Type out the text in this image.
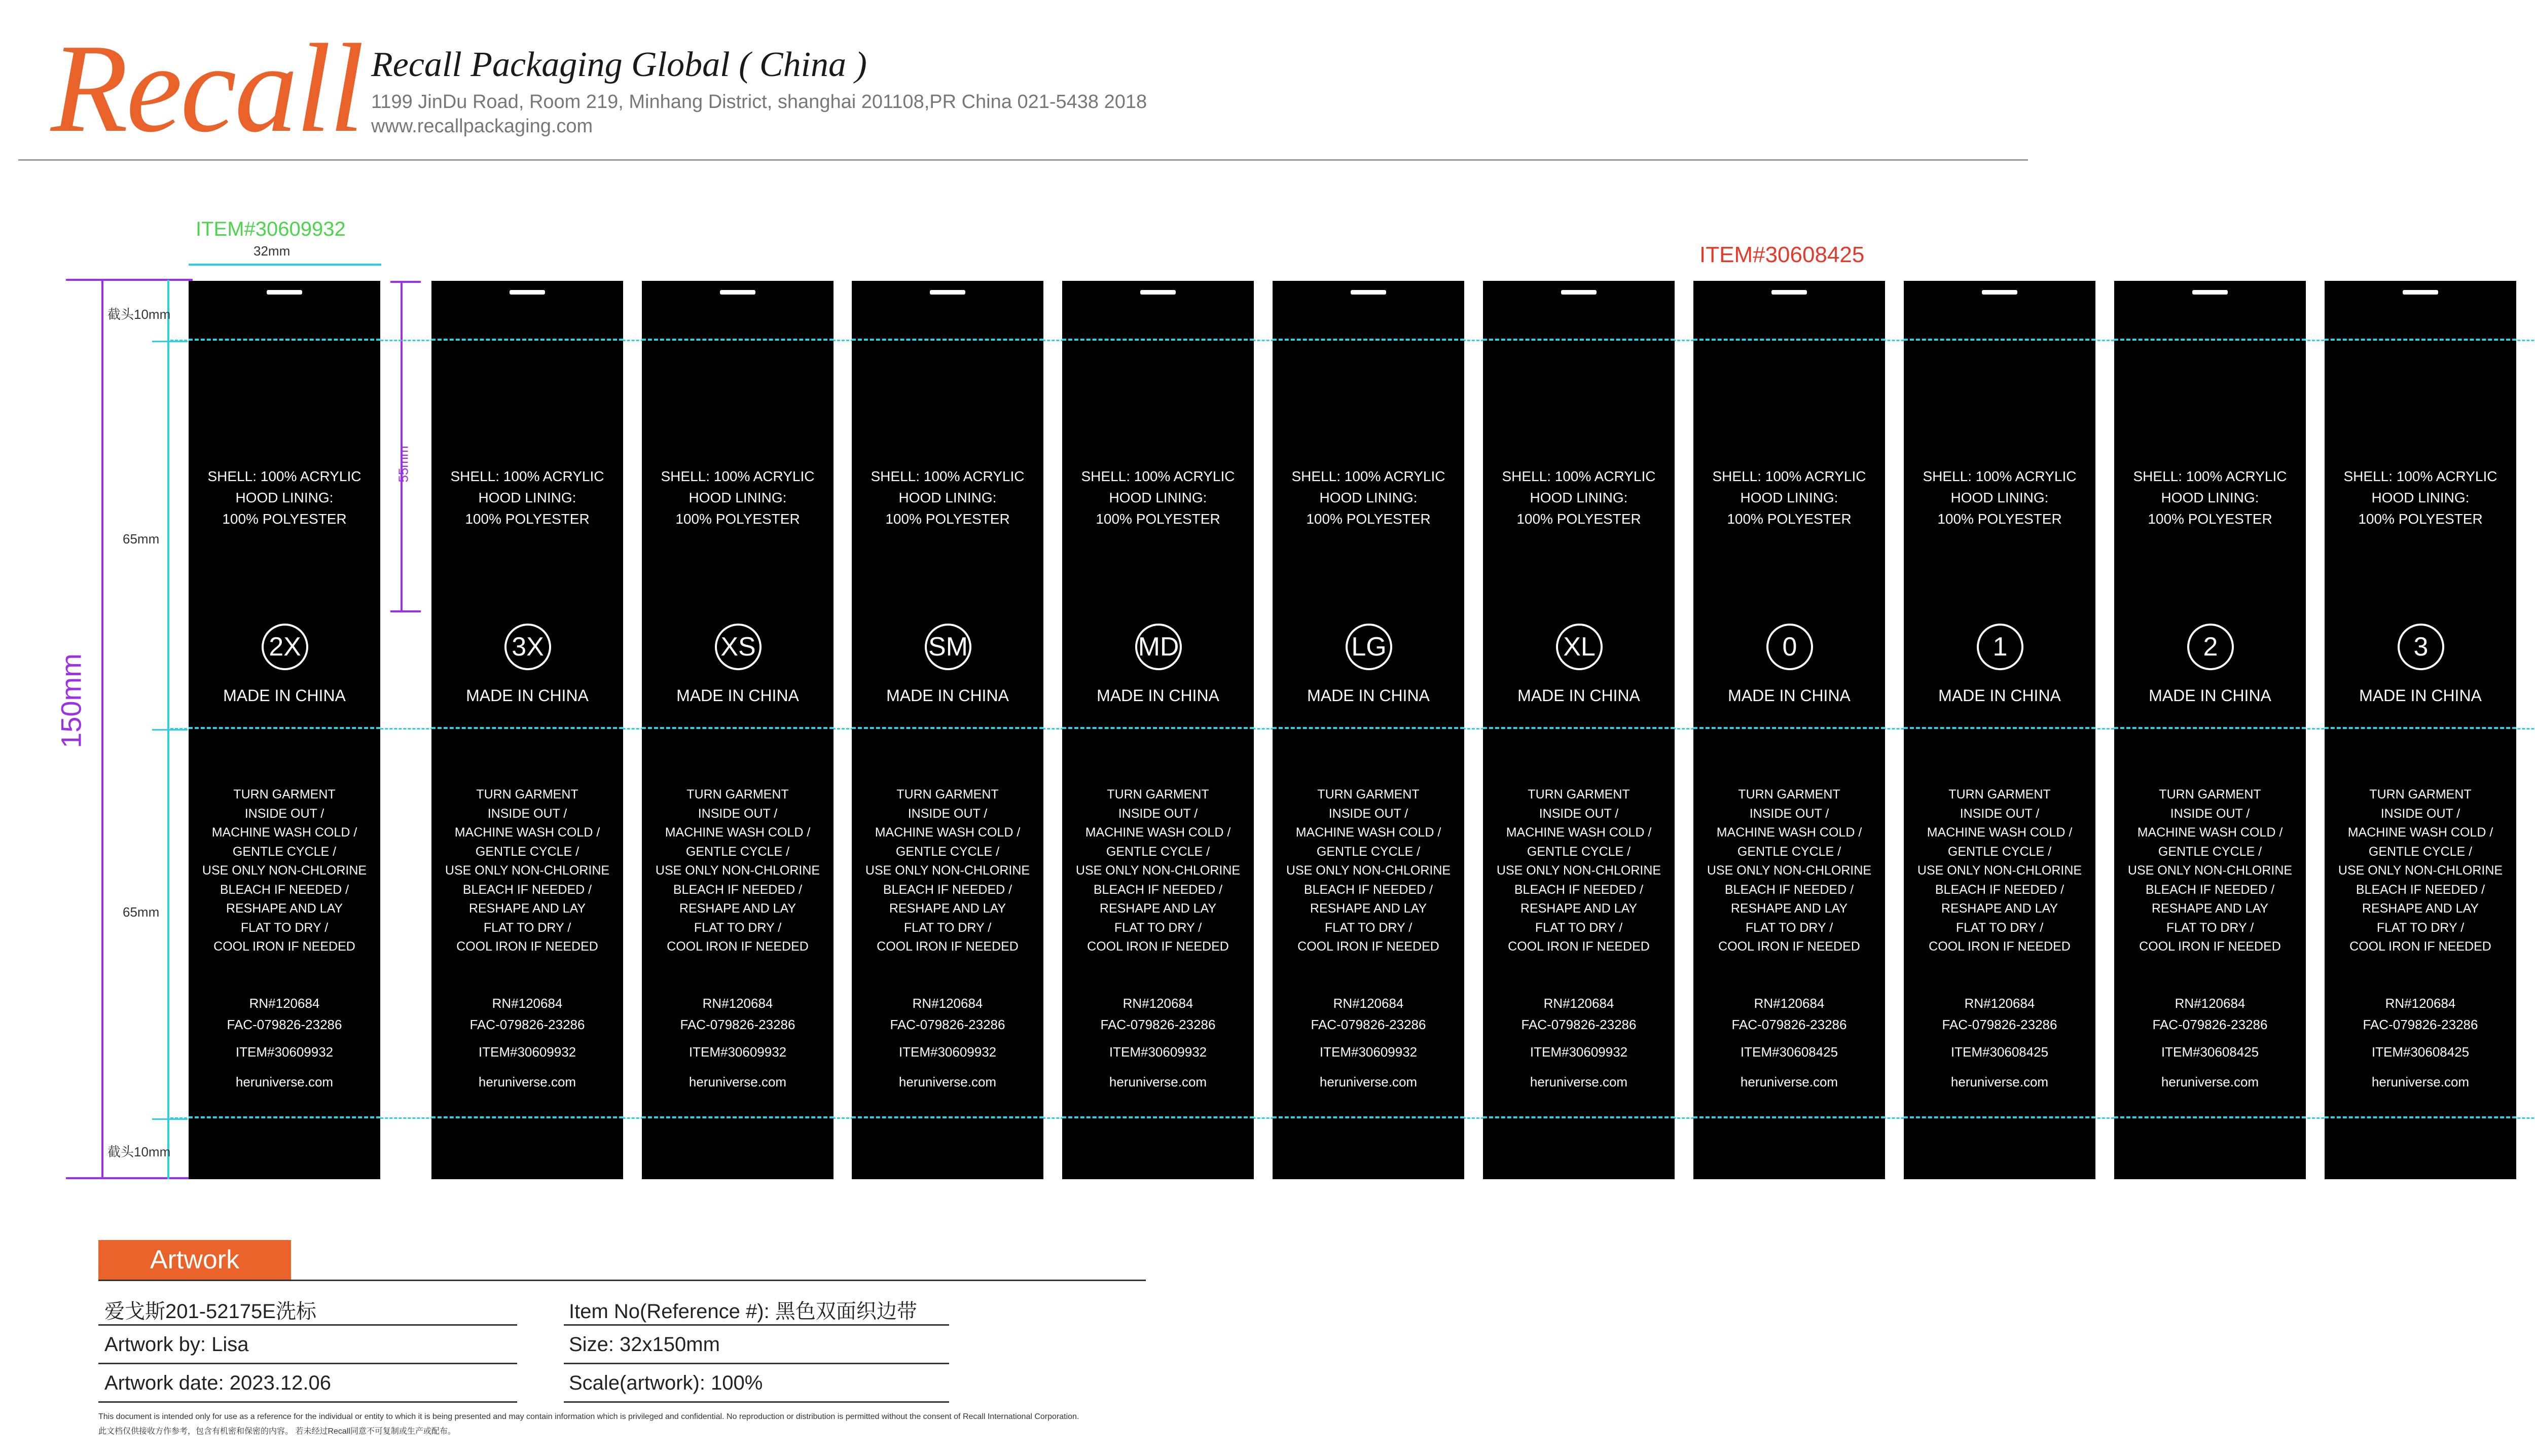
Recall Recall Packaging Global ( China )
1199 JinDu Road, Room 219, Minhang District, shanghai 201108,PR China 021-5438 2018
www.recallpackaging.com
ITEM#30609932
ITEM#30608425
32mm
150mm
截头10mm
65mm
65mm
截头10mm
55mm
SHELL: 100% ACRYLIC
HOOD LINING:
100% POLYESTER
2X
MADE IN CHINA
TURN GARMENT
INSIDE OUT /
MACHINE WASH COLD /
GENTLE CYCLE /
USE ONLY NON-CHLORINE
BLEACH IF NEEDED /
RESHAPE AND LAY
FLAT TO DRY /
COOL IRON IF NEEDED
RN#120684
FAC-079826-23286
ITEM#30609932
heruniverse.com
SHELL: 100% ACRYLIC
HOOD LINING:
100% POLYESTER
3X
MADE IN CHINA
TURN GARMENT
INSIDE OUT /
MACHINE WASH COLD /
GENTLE CYCLE /
USE ONLY NON-CHLORINE
BLEACH IF NEEDED /
RESHAPE AND LAY
FLAT TO DRY /
COOL IRON IF NEEDED
RN#120684
FAC-079826-23286
ITEM#30609932
heruniverse.com
SHELL: 100% ACRYLIC
HOOD LINING:
100% POLYESTER
XS
MADE IN CHINA
TURN GARMENT
INSIDE OUT /
MACHINE WASH COLD /
GENTLE CYCLE /
USE ONLY NON-CHLORINE
BLEACH IF NEEDED /
RESHAPE AND LAY
FLAT TO DRY /
COOL IRON IF NEEDED
RN#120684
FAC-079826-23286
ITEM#30609932
heruniverse.com
SHELL: 100% ACRYLIC
HOOD LINING:
100% POLYESTER
SM
MADE IN CHINA
TURN GARMENT
INSIDE OUT /
MACHINE WASH COLD /
GENTLE CYCLE /
USE ONLY NON-CHLORINE
BLEACH IF NEEDED /
RESHAPE AND LAY
FLAT TO DRY /
COOL IRON IF NEEDED
RN#120684
FAC-079826-23286
ITEM#30609932
heruniverse.com
SHELL: 100% ACRYLIC
HOOD LINING:
100% POLYESTER
MD
MADE IN CHINA
TURN GARMENT
INSIDE OUT /
MACHINE WASH COLD /
GENTLE CYCLE /
USE ONLY NON-CHLORINE
BLEACH IF NEEDED /
RESHAPE AND LAY
FLAT TO DRY /
COOL IRON IF NEEDED
RN#120684
FAC-079826-23286
ITEM#30609932
heruniverse.com
SHELL: 100% ACRYLIC
HOOD LINING:
100% POLYESTER
LG
MADE IN CHINA
TURN GARMENT
INSIDE OUT /
MACHINE WASH COLD /
GENTLE CYCLE /
USE ONLY NON-CHLORINE
BLEACH IF NEEDED /
RESHAPE AND LAY
FLAT TO DRY /
COOL IRON IF NEEDED
RN#120684
FAC-079826-23286
ITEM#30609932
heruniverse.com
SHELL: 100% ACRYLIC
HOOD LINING:
100% POLYESTER
XL
MADE IN CHINA
TURN GARMENT
INSIDE OUT /
MACHINE WASH COLD /
GENTLE CYCLE /
USE ONLY NON-CHLORINE
BLEACH IF NEEDED /
RESHAPE AND LAY
FLAT TO DRY /
COOL IRON IF NEEDED
RN#120684
FAC-079826-23286
ITEM#30609932
heruniverse.com
SHELL: 100% ACRYLIC
HOOD LINING:
100% POLYESTER
0
MADE IN CHINA
TURN GARMENT
INSIDE OUT /
MACHINE WASH COLD /
GENTLE CYCLE /
USE ONLY NON-CHLORINE
BLEACH IF NEEDED /
RESHAPE AND LAY
FLAT TO DRY /
COOL IRON IF NEEDED
RN#120684
FAC-079826-23286
ITEM#30608425
heruniverse.com
SHELL: 100% ACRYLIC
HOOD LINING:
100% POLYESTER
1
MADE IN CHINA
TURN GARMENT
INSIDE OUT /
MACHINE WASH COLD /
GENTLE CYCLE /
USE ONLY NON-CHLORINE
BLEACH IF NEEDED /
RESHAPE AND LAY
FLAT TO DRY /
COOL IRON IF NEEDED
RN#120684
FAC-079826-23286
ITEM#30608425
heruniverse.com
SHELL: 100% ACRYLIC
HOOD LINING:
100% POLYESTER
2
MADE IN CHINA
TURN GARMENT
INSIDE OUT /
MACHINE WASH COLD /
GENTLE CYCLE /
USE ONLY NON-CHLORINE
BLEACH IF NEEDED /
RESHAPE AND LAY
FLAT TO DRY /
COOL IRON IF NEEDED
RN#120684
FAC-079826-23286
ITEM#30608425
heruniverse.com
SHELL: 100% ACRYLIC
HOOD LINING:
100% POLYESTER
3
MADE IN CHINA
TURN GARMENT
INSIDE OUT /
MACHINE WASH COLD /
GENTLE CYCLE /
USE ONLY NON-CHLORINE
BLEACH IF NEEDED /
RESHAPE AND LAY
FLAT TO DRY /
COOL IRON IF NEEDED
RN#120684
FAC-079826-23286
ITEM#30608425
heruniverse.com

Artwork
爱戈斯201-52175E洗标
Artwork by: Lisa
Artwork date: 2023.12.06
Item No(Reference #): 黑色双面织边带
Size: 32x150mm
Scale(artwork): 100%
This document is intended only for use as a reference for the individual or entity to which it is being presented and may contain information which is privileged and confidential. No reproduction or distribution is permitted without the consent of Recall International Corporation.
此文档仅供接收方作参考，包含有机密和保密的内容。 若未经过Recall同意不可复制或生产或配布。
